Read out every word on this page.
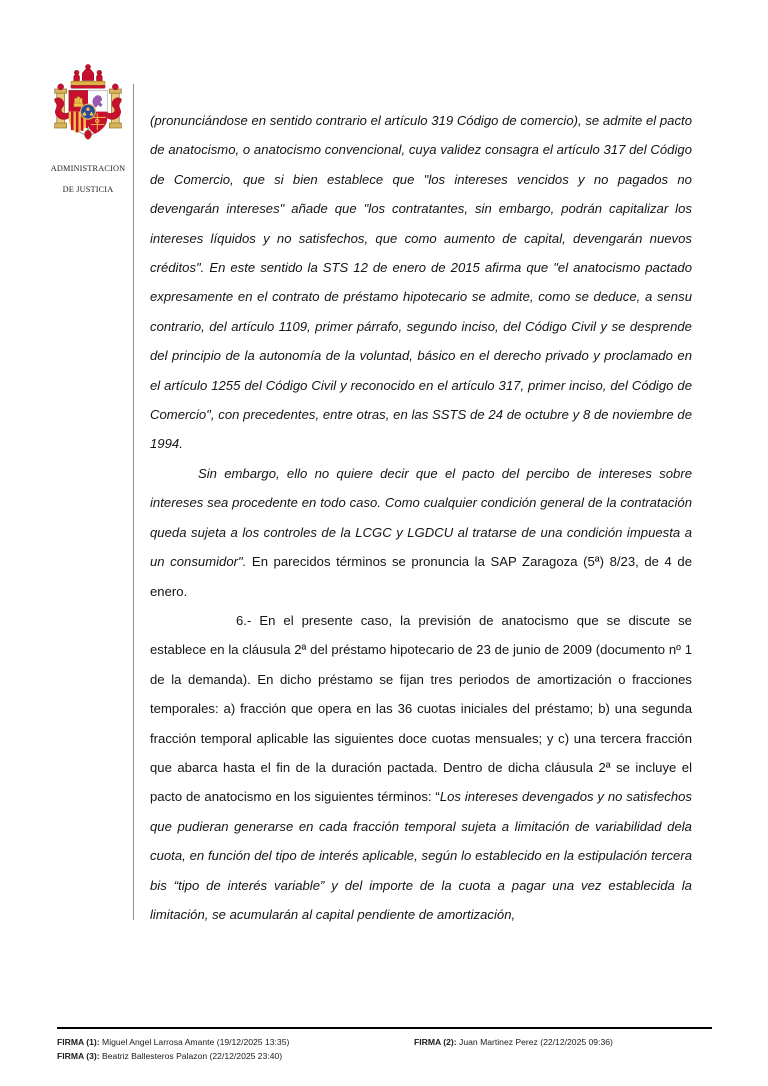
ADMINISTRACION

DE JUSTICIA

(pronunciándose en sentido contrario el artículo 319 Código de comercio), se admite el pacto de anatocismo, o anatocismo convencional, cuya validez consagra el artículo 317 del Código de Comercio, que si bien establece que "los intereses vencidos y no pagados no devengarán intereses" añade que "los contratantes, sin embargo, podrán capitalizar los intereses líquidos y no satisfechos, que como aumento de capital, devengarán nuevos créditos". En este sentido la STS 12 de enero de 2015 afirma que "el anatocismo pactado expresamente en el contrato de préstamo hipotecario se admite, como se deduce, a sensu contrario, del artículo 1109, primer párrafo, segundo inciso, del Código Civil y se desprende del principio de la autonomía de la voluntad, básico en el derecho privado y proclamado en el artículo 1255 del Código Civil y reconocido en el artículo 317, primer inciso, del Código de Comercio", con precedentes, entre otras, en las SSTS de 24 de octubre y 8 de noviembre de 1994.

Sin embargo, ello no quiere decir que el pacto del percibo de intereses sobre intereses sea procedente en todo caso. Como cualquier condición general de la contratación queda sujeta a los controles de la LCGC y LGDCU al tratarse de una condición impuesta a un consumidor". En parecidos términos se pronuncia la SAP Zaragoza (5ª) 8/23, de 4 de enero.

6.- En el presente caso, la previsión de anatocismo que se discute se establece en la cláusula 2ª del préstamo hipotecario de 23 de junio de 2009 (documento nº 1 de la demanda). En dicho préstamo se fijan tres periodos de amortización o fracciones temporales: a) fracción que opera en las 36 cuotas iniciales del préstamo; b) una segunda fracción temporal aplicable las siguientes doce cuotas mensuales; y c) una tercera fracción que abarca hasta el fin de la duración pactada. Dentro de dicha cláusula 2ª se incluye el pacto de anatocismo en los siguientes términos: “Los intereses devengados y no satisfechos que pudieran generarse en cada fracción temporal sujeta a limitación de variabilidad dela cuota, en función del tipo de interés aplicable, según lo establecido en la estipulación tercera bis “tipo de interés variable” y del importe de la cuota a pagar una vez establecida la limitación, se acumularán al capital pendiente de amortización,

FIRMA (1): Miguel Angel Larrosa Amante (19/12/2025 13:35)
FIRMA (3): Beatriz Ballesteros Palazon (22/12/2025 23:40)
FIRMA (2): Juan Martinez Perez (22/12/2025 09:36)
